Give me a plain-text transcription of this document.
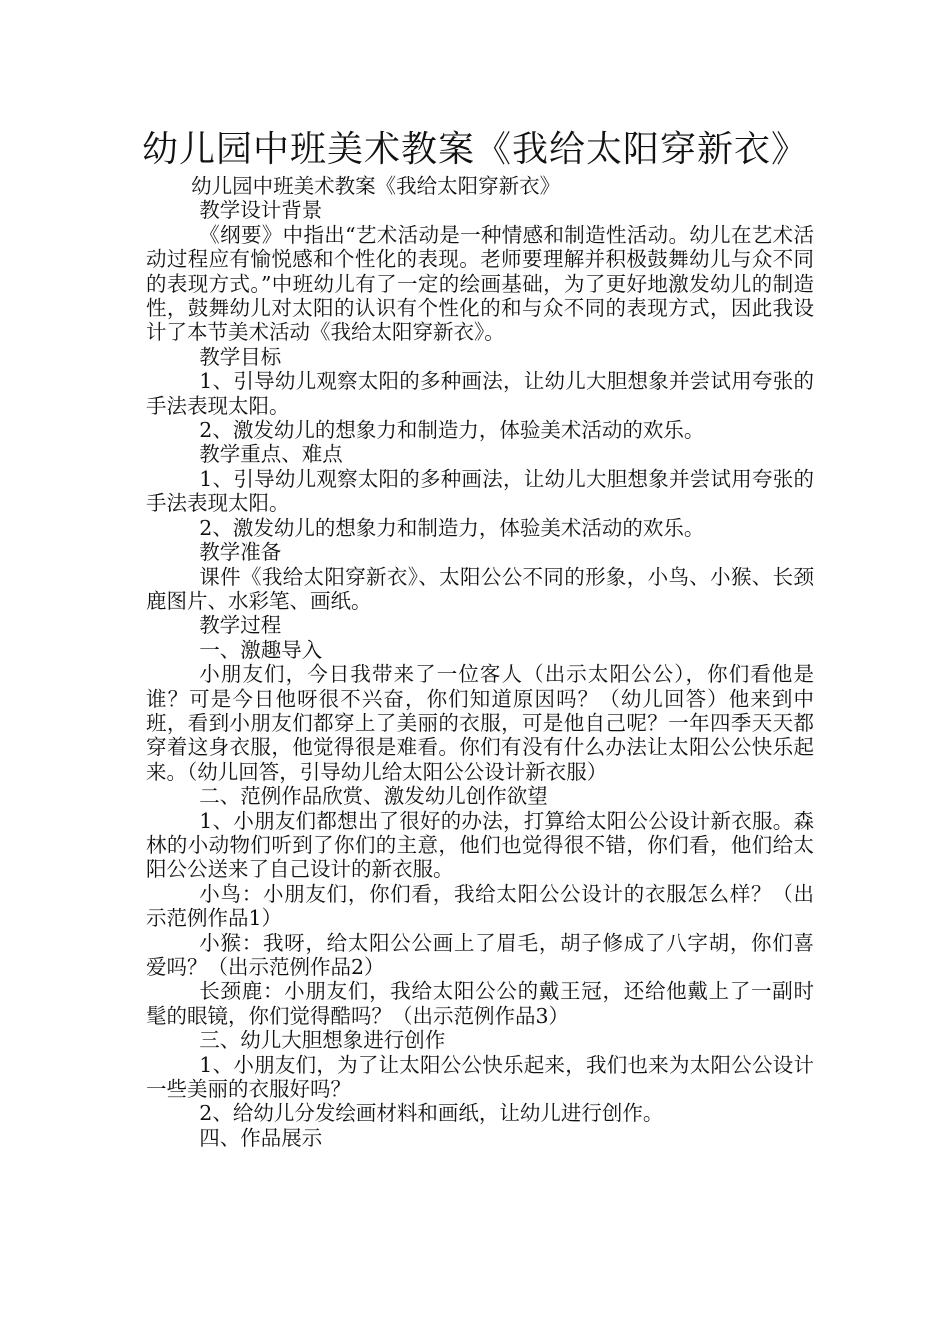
幼儿园中班美术教案《我给太阳穿新衣》

幼儿园中班美术教案《我给太阳穿新衣》

教学设计背景

《纲要》中指出“艺术活动是一种情感和制造性活动。幼儿在艺术活动过程应有愉悦感和个性化的表现。老师要理解并积极鼓舞幼儿与众不同的表现方式。”中班幼儿有了一定的绘画基础，为了更好地激发幼儿的制造性，鼓舞幼儿对太阳的认识有个性化的和与众不同的表现方式，因此我设计了本节美术活动《我给太阳穿新衣》。

教学目标

1、引导幼儿观察太阳的多种画法，让幼儿大胆想象并尝试用夸张的手法表现太阳。

2、激发幼儿的想象力和制造力，体验美术活动的欢乐。

教学重点、难点

1、引导幼儿观察太阳的多种画法，让幼儿大胆想象并尝试用夸张的手法表现太阳。

2、激发幼儿的想象力和制造力，体验美术活动的欢乐。

教学准备

课件《我给太阳穿新衣》、太阳公公不同的形象，小鸟、小猴、长颈鹿图片、水彩笔、画纸。

教学过程

一、激趣导入

小朋友们，今日我带来了一位客人（出示太阳公公），你们看他是谁？可是今日他呀很不兴奋，你们知道原因吗？（幼儿回答）他来到中班，看到小朋友们都穿上了美丽的衣服，可是他自己呢？一年四季天天都穿着这身衣服，他觉得很是难看。你们有没有什么办法让太阳公公快乐起来。（幼儿回答，引导幼儿给太阳公公设计新衣服）

二、范例作品欣赏、激发幼儿创作欲望

1、小朋友们都想出了很好的办法，打算给太阳公公设计新衣服。森林的小动物们听到了你们的主意，他们也觉得很不错，你们看，他们给太阳公公送来了自己设计的新衣服。

小鸟：小朋友们，你们看，我给太阳公公设计的衣服怎么样？（出示范例作品1）

小猴：我呀，给太阳公公画上了眉毛，胡子修成了八字胡，你们喜爱吗？（出示范例作品2）

长颈鹿：小朋友们，我给太阳公公的戴王冠，还给他戴上了一副时髦的眼镜，你们觉得酷吗？（出示范例作品3）

三、幼儿大胆想象进行创作

1、小朋友们，为了让太阳公公快乐起来，我们也来为太阳公公设计一些美丽的衣服好吗？

2、给幼儿分发绘画材料和画纸，让幼儿进行创作。

四、作品展示
